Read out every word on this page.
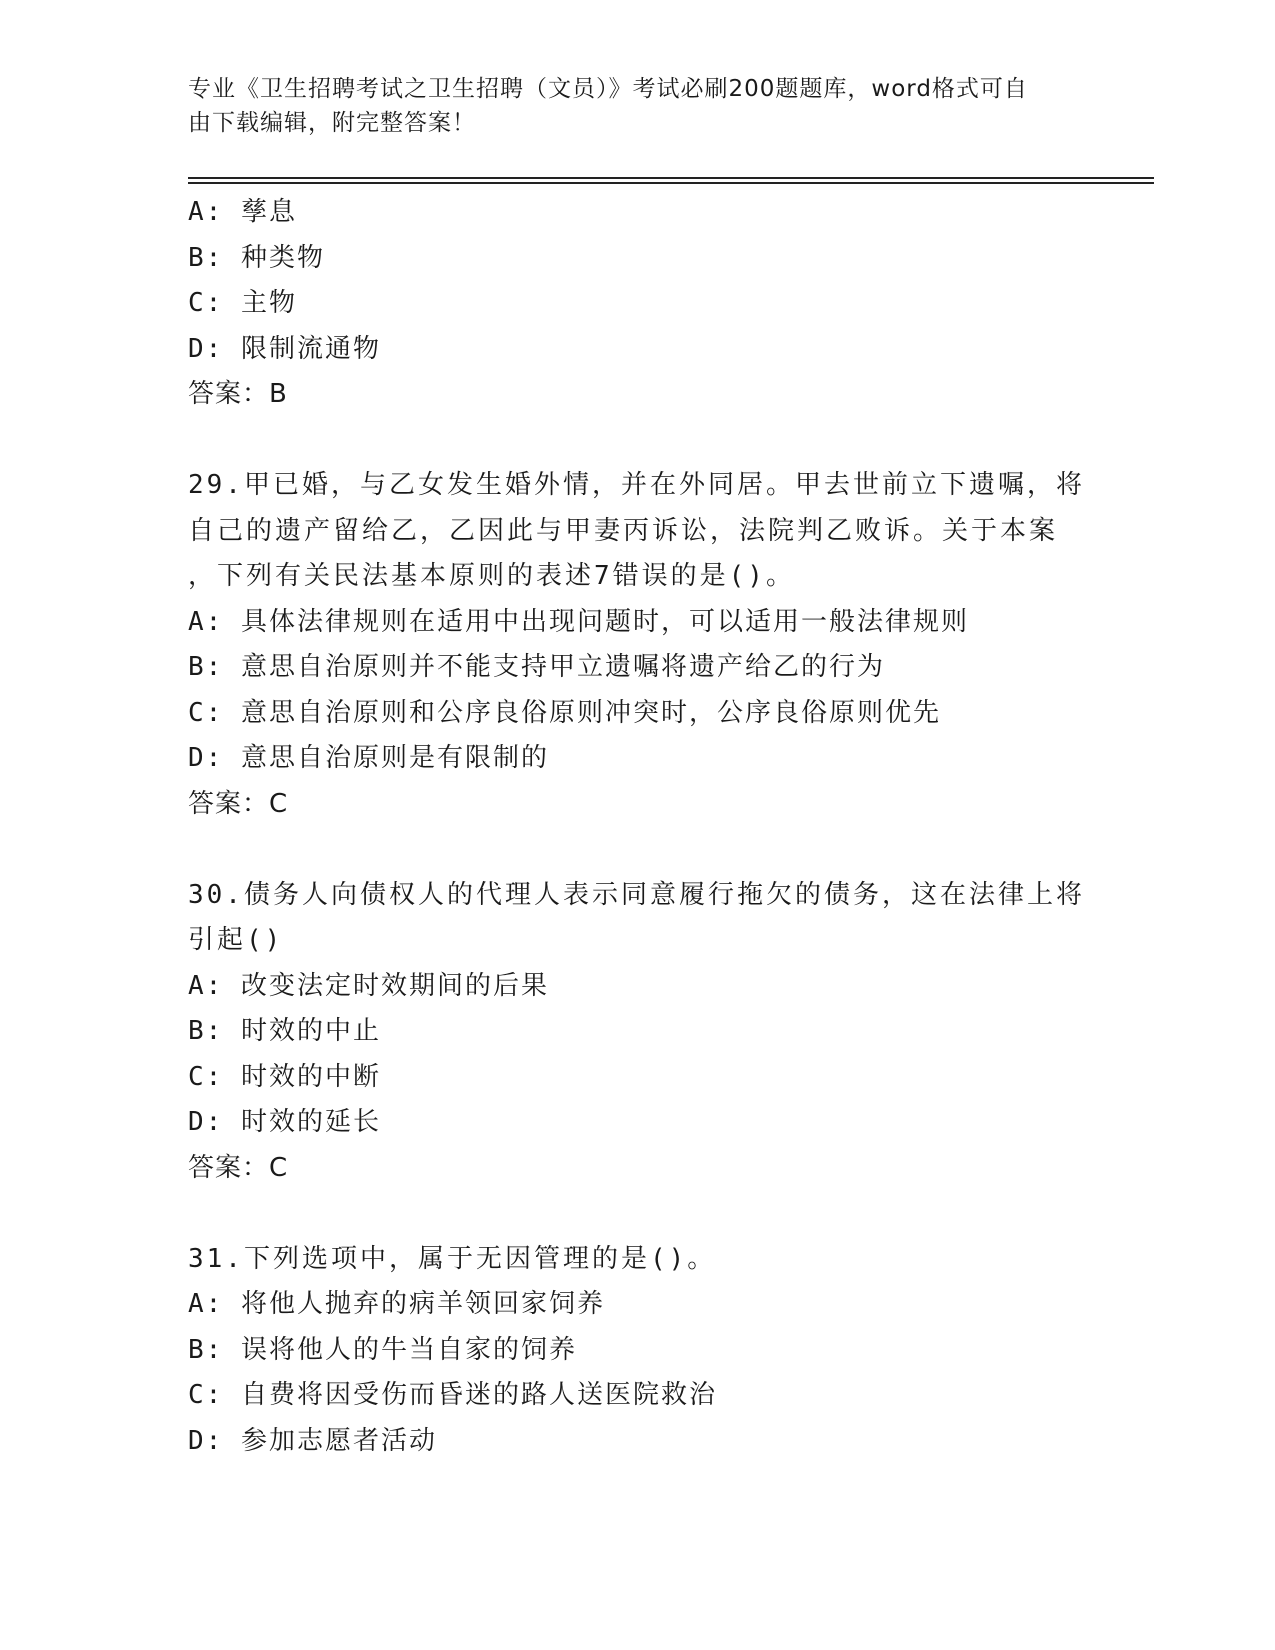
专业《卫生招聘考试之卫生招聘（文员）》考试必刷200题题库，word格式可自
由下载编辑，附完整答案！
A: 孳息
B: 种类物
C: 主物
D: 限制流通物
答案：B
29.甲已婚，与乙女发生婚外情，并在外同居。甲去世前立下遗嘱，将
自己的遗产留给乙，乙因此与甲妻丙诉讼，法院判乙败诉。关于本案
，下列有关民法基本原则的表述7错误的是()。
A: 具体法律规则在适用中出现问题时，可以适用一般法律规则
B: 意思自治原则并不能支持甲立遗嘱将遗产给乙的行为
C: 意思自治原则和公序良俗原则冲突时，公序良俗原则优先
D: 意思自治原则是有限制的
答案：C
30.债务人向债权人的代理人表示同意履行拖欠的债务，这在法律上将
引起()
A: 改变法定时效期间的后果
B: 时效的中止
C: 时效的中断
D: 时效的延长
答案：C
31.下列选项中，属于无因管理的是()。
A: 将他人抛弃的病羊领回家饲养
B: 误将他人的牛当自家的饲养
C: 自费将因受伤而昏迷的路人送医院救治
D: 参加志愿者活动
